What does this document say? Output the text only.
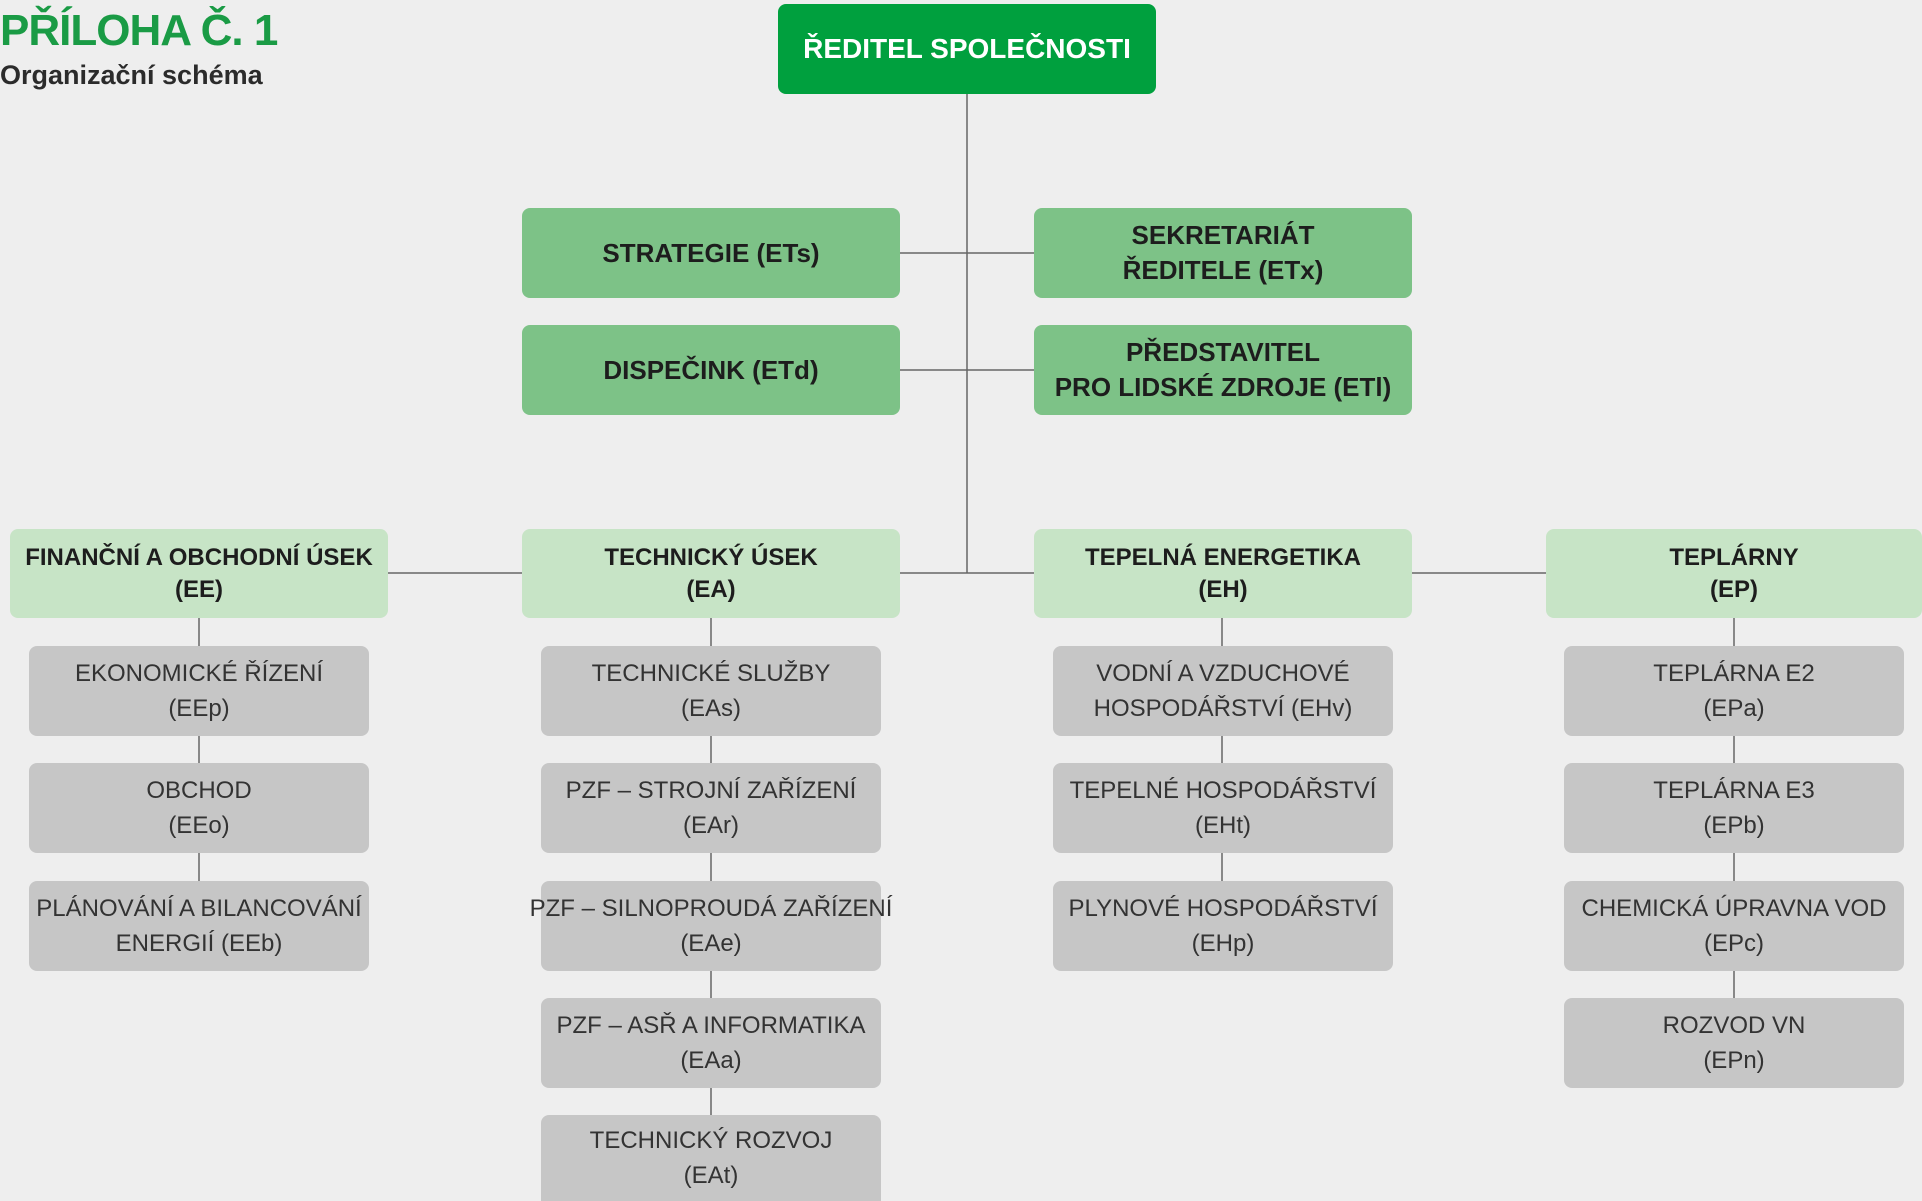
PŘÍLOHA Č. 1
Organizační schéma
ŘEDITEL SPOLEČNOSTI
STRATEGIE (ETs)
SEKRETARIÁT
ŘEDITELE (ETx)
DISPEČINK (ETd)
PŘEDSTAVITEL
PRO LIDSKÉ ZDROJE (ETl)
FINANČNÍ A OBCHODNÍ ÚSEK
(EE)
TECHNICKÝ ÚSEK
(EA)
TEPELNÁ ENERGETIKA
(EH)
TEPLÁRNY
(EP)
EKONOMICKÉ ŘÍZENÍ
(EEp)
OBCHOD
(EEo)
PLÁNOVÁNÍ A BILANCOVÁNÍ
ENERGIÍ (EEb)
TECHNICKÉ SLUŽBY
(EAs)
PZF – STROJNÍ ZAŘÍZENÍ
(EAr)
PZF – SILNOPROUDÁ ZAŘÍZENÍ
(EAe)
PZF – ASŘ A INFORMATIKA
(EAa)
TECHNICKÝ ROZVOJ
(EAt)
VODNÍ A VZDUCHOVÉ
HOSPODÁŘSTVÍ (EHv)
TEPELNÉ HOSPODÁŘSTVÍ
(EHt)
PLYNOVÉ HOSPODÁŘSTVÍ
(EHp)
TEPLÁRNA E2
(EPa)
TEPLÁRNA E3
(EPb)
CHEMICKÁ ÚPRAVNA VOD
(EPc)
ROZVOD VN
(EPn)
